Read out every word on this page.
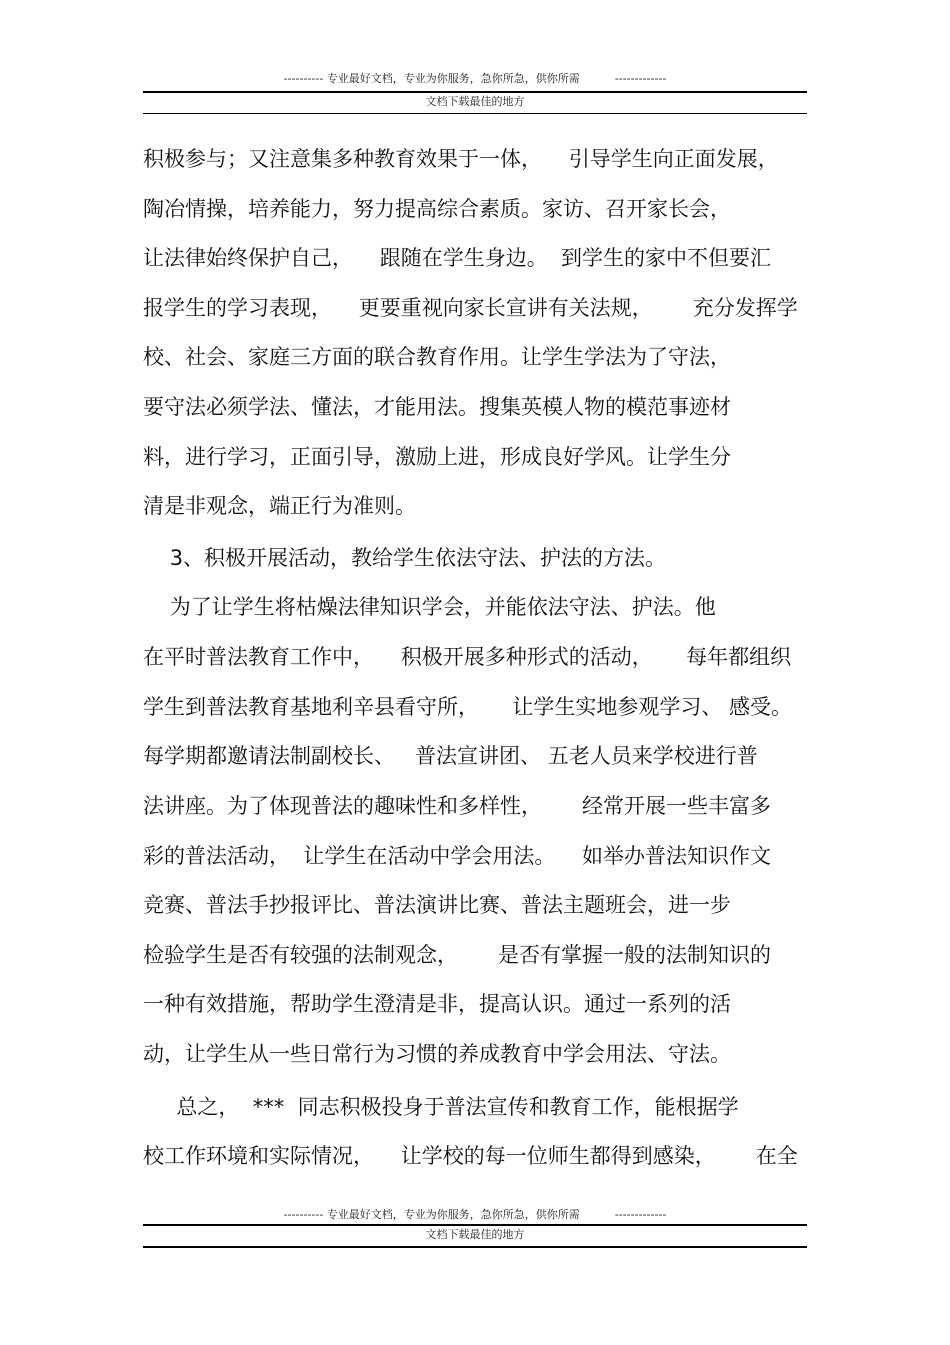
---------- 专业最好文档，专业为你服务，急你所急，供你所需          -------------
文档下载最佳的地方
积极参与；又注意集多种教育效果于一体，    引导学生向正面发展，
陶冶情操，培养能力，努力提高综合素质。家访、召开家长会，
让法律始终保护自己，    跟随在学生身边。  到学生的家中不但要汇
报学生的学习表现，    更要重视向家长宣讲有关法规，      充分发挥学
校、社会、家庭三方面的联合教育作用。让学生学法为了守法，
要守法必须学法、懂法，才能用法。搜集英模人物的模范事迹材
料，进行学习，正面引导，激励上进，形成良好学风。让学生分
清是非观念，端正行为准则。
3、积极开展活动，教给学生依法守法、护法的方法。
为了让学生将枯燥法律知识学会，并能依法守法、护法。他
在平时普法教育工作中，    积极开展多种形式的活动，     每年都组织
学生到普法教育基地利辛县看守所，     让学生实地参观学习、 感受。
每学期都邀请法制副校长、   普法宣讲团、 五老人员来学校进行普
法讲座。为了体现普法的趣味性和多样性，      经常开展一些丰富多
彩的普法活动，  让学生在活动中学会用法。    如举办普法知识作文
竞赛、普法手抄报评比、普法演讲比赛、普法主题班会，进一步
检验学生是否有较强的法制观念，      是否有掌握一般的法制知识的
一种有效措施，帮助学生澄清是非，提高认识。通过一系列的活
动，让学生从一些日常行为习惯的养成教育中学会用法、守法。
总之，  ***  同志积极投身于普法宣传和教育工作，能根据学
校工作环境和实际情况，    让学校的每一位师生都得到感染，      在全
---------- 专业最好文档，专业为你服务，急你所急，供你所需          -------------
文档下载最佳的地方
